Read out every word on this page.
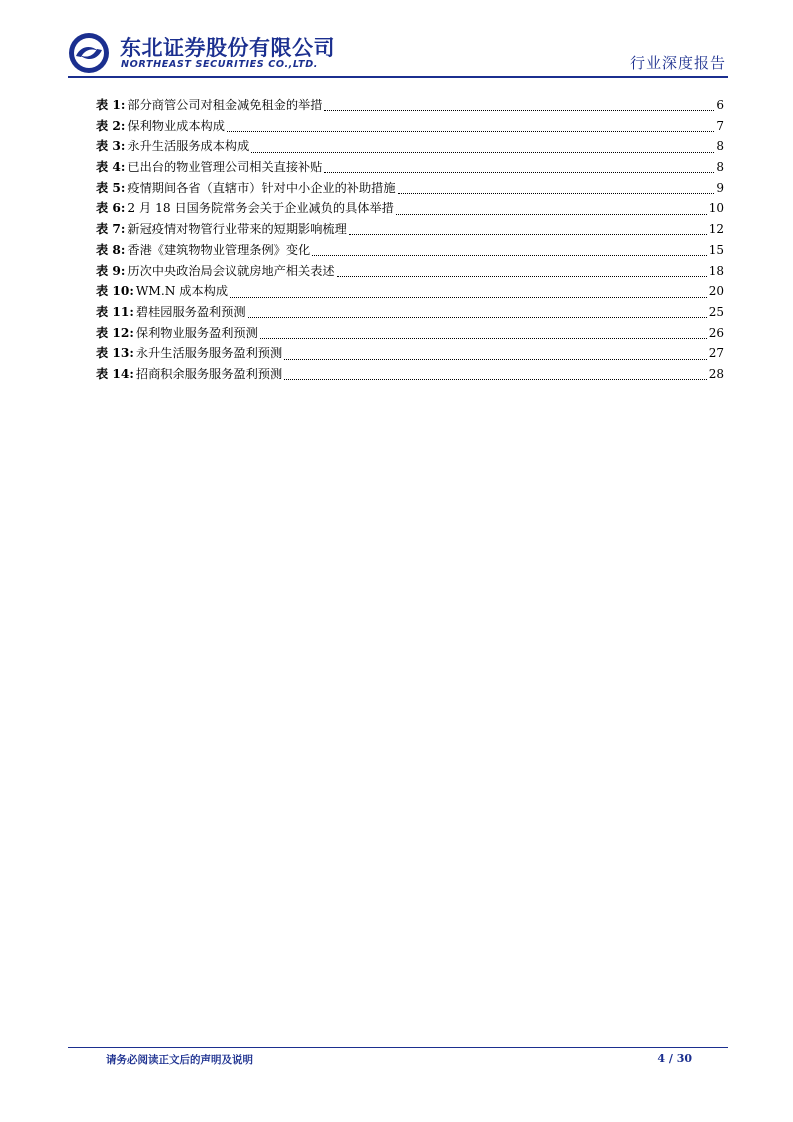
东北证券股份有限公司
NORTHEAST SECURITIES CO.,LTD.	行业深度报告
表 1: 部分商管公司对租金减免租金的举措	6
表 2: 保利物业成本构成	7
表 3: 永升生活服务成本构成	8
表 4: 已出台的物业管理公司相关直接补贴	8
表 5: 疫情期间各省（直辖市）针对中小企业的补助措施	9
表 6: 2 月 18 日国务院常务会关于企业减负的具体举措	10
表 7: 新冠疫情对物管行业带来的短期影响梳理	12
表 8: 香港《建筑物物业管理条例》变化	15
表 9: 历次中央政治局会议就房地产相关表述	18
表 10: WM.N 成本构成	20
表 11: 碧桂园服务盈利预测	25
表 12: 保利物业服务盈利预测	26
表 13: 永升生活服务服务盈利预测	27
表 14: 招商积余服务服务盈利预测	28
请务必阅读正文后的声明及说明	4 / 30
